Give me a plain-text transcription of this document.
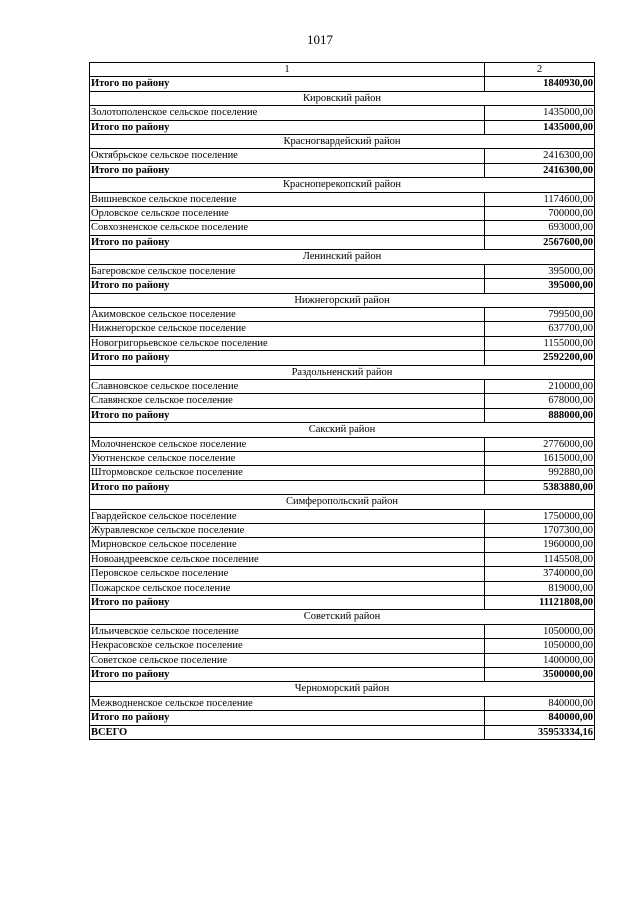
1017
1	2
Итого по району	1840930,00
Кировский район	
Золотополенское сельское поселение	1435000,00
Итого по району	1435000,00
Красногвардейский район	
Октябрьское сельское поселение	2416300,00
Итого по району	2416300,00
Красноперекопский район	
Вишневское сельское поселение	1174600,00
Орловское сельское поселение	700000,00
Совхозненское сельское поселение	693000,00
Итого по району	2567600,00
Ленинский район	
Багеровское сельское поселение	395000,00
Итого по району	395000,00
Нижнегорский район	
Акимовское сельское поселение	799500,00
Нижнегорское сельское поселение	637700,00
Новогригорьевское сельское поселение	1155000,00
Итого по району	2592200,00
Раздольненский район	
Славновское сельское поселение	210000,00
Славянское сельское поселение	678000,00
Итого по району	888000,00
Сакский район	
Молочненское сельское поселение	2776000,00
Уютненское сельское поселение	1615000,00
Штормовское сельское поселение	992880,00
Итого по району	5383880,00
Симферопольский район	
Гвардейское сельское поселение	1750000,00
Журавлевское сельское поселение	1707300,00
Мирновское сельское поселение	1960000,00
Новоандреевское сельское поселение	1145508,00
Перовское сельское поселение	3740000,00
Пожарское сельское поселение	819000,00
Итого по району	11121808,00
Советский район	
Ильичевское сельское поселение	1050000,00
Некрасовское сельское поселение	1050000,00
Советское сельское поселение	1400000,00
Итого по району	3500000,00
Черноморский район	
Межводненское сельское поселение	840000,00
Итого по району	840000,00
ВСЕГО	35953334,16
